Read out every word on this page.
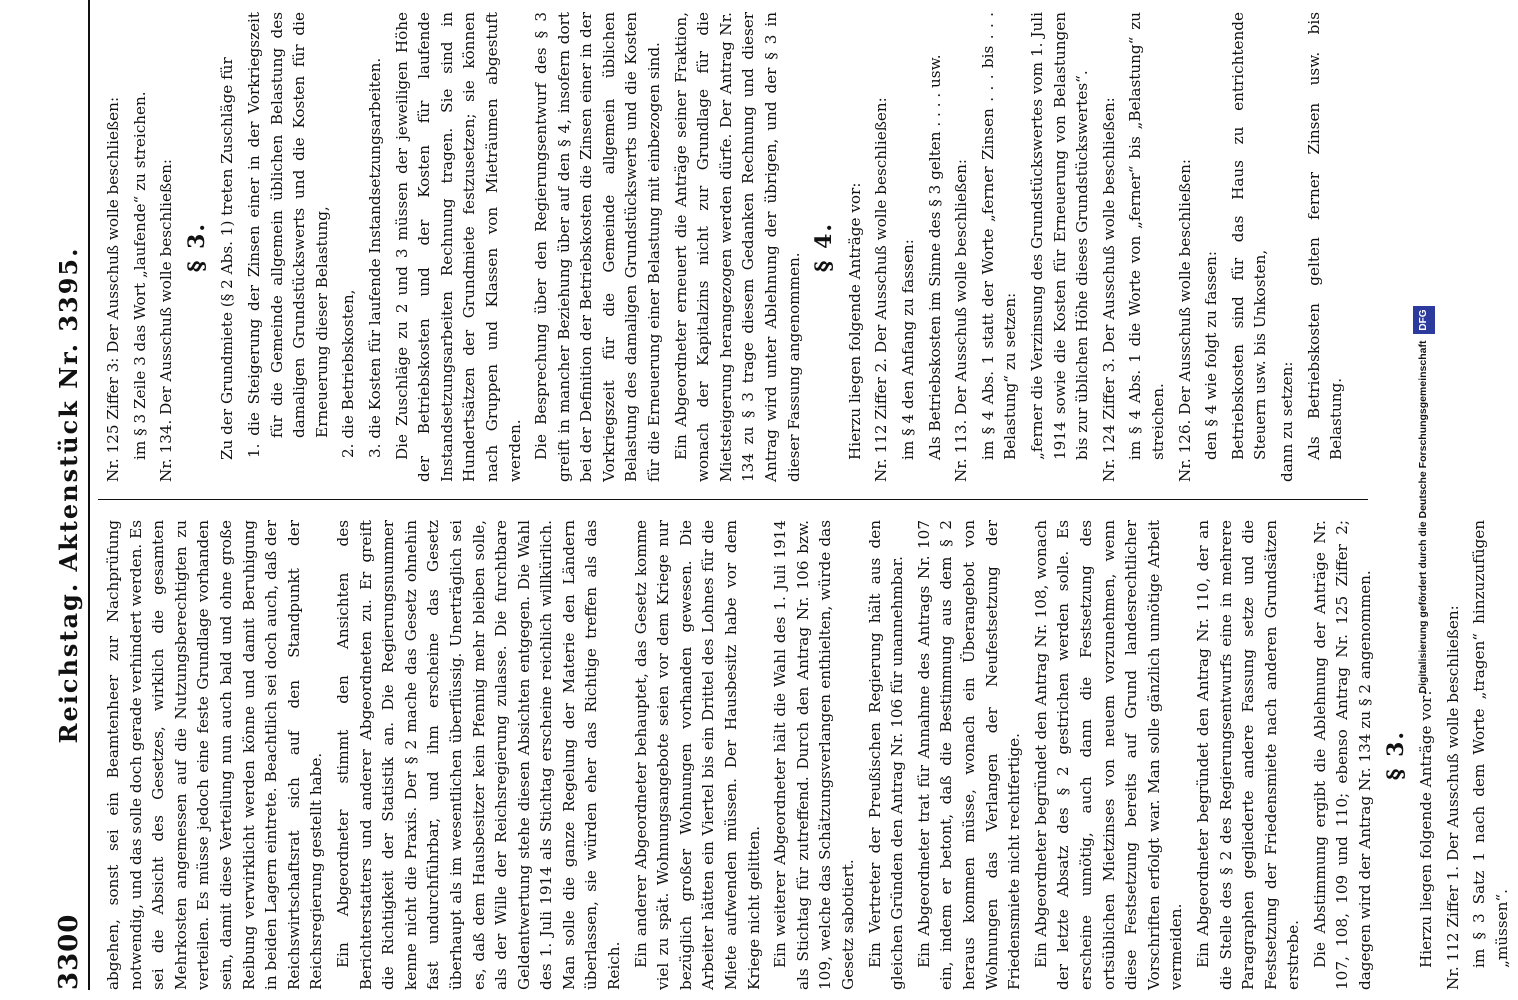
3300
Reichstag. Aktenstück Nr. 3395.

abgehen, sonst sei ein Beamtenheer zur Nachprüfung notwendig, und das solle doch gerade verhindert werden. Es sei die Absicht des Gesetzes, wirklich die gesamten Mehrkosten angemessen auf die Nutzungsberechtigten zu verteilen. Es müsse jedoch eine feste Grundlage vorhanden sein, damit diese Verteilung nun auch bald und ohne große Reibung verwirklicht werden könne und damit Beruhigung in beiden Lagern eintrete. Beachtlich sei doch auch, daß der Reichswirtschaftsrat sich auf den Standpunkt der Reichsregierung gestellt habe. Ein Abgeordneter stimmt den Ansichten des Berichterstatters und anderer Abgeordneten zu. Er greift die Richtigkeit der Statistik an. Die Regierungsnummer kenne nicht die Praxis. Der § 2 mache das Gesetz ohnehin fast undurchführbar, und ihm erscheine das Gesetz überhaupt als im wesentlichen überflüssig. Unerträglich sei es, daß dem Hausbesitzer kein Pfennig mehr bleiben solle, als der Wille der Reichsregierung zulasse. Die furchtbare Geldentwertung stehe diesen Absichten entgegen. Die Wahl des 1. Juli 1914 als Stichtag erscheine reichlich willkürlich. Man solle die ganze Regelung der Materie den Ländern überlassen, sie würden eher das Richtige treffen als das Reich. Ein anderer Abgeordneter behauptet, das Gesetz komme viel zu spät. Wohnungsangebote seien vor dem Kriege nur bezüglich großer Wohnungen vorhanden gewesen. Die Arbeiter hätten ein Viertel bis ein Drittel des Lohnes für die Miete aufwenden müssen. Der Hausbesitz habe vor dem Kriege nicht gelitten. Ein weiterer Abgeordneter hält die Wahl des 1. Juli 1914 als Stichtag für zutreffend. Durch den Antrag Nr. 106 bzw. 109, welche das Schätzungsverlangen enthielten, würde das Gesetz sabotiert. Ein Vertreter der Preußischen Regierung hält aus den gleichen Gründen den Antrag Nr. 106 für unannehmbar. Ein Abgeordneter trat für Annahme des Antrags Nr. 107 ein, indem er betont, daß die Bestimmung aus dem § 2 heraus kommen müsse, wonach ein Überangebot von Wohnungen das Verlangen der Neufestsetzung der Friedensmiete nicht rechtfertige. Ein Abgeordneter begründet den Antrag Nr. 108, wonach der letzte Absatz des § 2 gestrichen werden solle. Es erscheine unnötig, auch dann die Festsetzung des ortsüblichen Mietzinses von neuem vorzunehmen, wenn diese Festsetzung bereits auf Grund landesrechtlicher Vorschriften erfolgt war. Man solle gänzlich unnötige Arbeit vermeiden. Ein Abgeordneter begründet den Antrag Nr. 110, der an die Stelle des § 2 des Regierungsentwurfs eine in mehrere Paragraphen gegliederte andere Fassung setze und die Festsetzung der Friedensmiete nach anderen Grundsätzen erstrebe. Die Abstimmung ergibt die Ablehnung der Anträge Nr. 107, 108, 109 und 110; ebenso Antrag Nr. 125 Ziffer 2; dagegen wird der Antrag Nr. 134 zu § 2 angenommen. § 3. Hierzu liegen folgende Anträge vor: Nr. 112 Ziffer 1. Der Ausschuß wolle beschließen: im § 3 Satz 1 nach dem Worte „tragen“ hinzuzufügen „müssen“.

Nr. 125 Ziffer 3: Der Ausschuß wolle beschließen: im § 3 Zeile 3 das Wort „laufende“ zu streichen. Nr. 134. Der Ausschuß wolle beschließen: § 3. Zu der Grundmiete (§ 2 Abs. 1) treten Zuschläge für 1. die Steigerung der Zinsen einer in der Vorkriegszeit für die Gemeinde allgemein üblichen Belastung des damaligen Grundstückswerts und die Kosten für die Erneuerung dieser Belastung, 2. die Betriebskosten, 3. die Kosten für laufende Instandsetzungsarbeiten. Die Zuschläge zu 2 und 3 müssen der jeweiligen Höhe der Betriebskosten und der Kosten für laufende Instandsetzungsarbeiten Rechnung tragen. Sie sind in Hundertsätzen der Grundmiete festzusetzen; sie können nach Gruppen und Klassen von Mieträumen abgestuft werden. Die Besprechung über den Regierungsentwurf des § 3 greift in mancher Beziehung über auf den § 4, insofern dort bei der Definition der Betriebskosten die Zinsen einer in der Vorkriegszeit für die Gemeinde allgemein üblichen Belastung des damaligen Grundstückswerts und die Kosten für die Erneuerung einer Belastung mit einbezogen sind. Ein Abgeordneter erneuert die Anträge seiner Fraktion, wonach der Kapitalzins nicht zur Grundlage für die Mietsteigerung herangezogen werden dürfe. Der Antrag Nr. 134 zu § 3 trage diesem Gedanken Rechnung und dieser Antrag wird unter Ablehnung der übrigen, und der § 3 in dieser Fassung angenommen.

§ 4. Hierzu liegen folgende Anträge vor: Nr. 112 Ziffer 2. Der Ausschuß wolle beschließen: im § 4 den Anfang zu fassen: Als Betriebskosten im Sinne des § 3 gelten . . . . usw. Nr. 113. Der Ausschuß wolle beschließen: im § 4 Abs. 1 statt der Worte „ferner Zinsen . . . bis . . . Belastung“ zu setzen: „ferner die Verzinsung des Grundstückswertes vom 1. Juli 1914 sowie die Kosten für Erneuerung von Belastungen bis zur üblichen Höhe dieses Grundstückswertes“. Nr. 124 Ziffer 3. Der Ausschuß wolle beschließen: im § 4 Abs. 1 die Worte von „ferner“ bis „Belastung“ zu streichen. Nr. 126. Der Ausschuß wolle beschließen: den § 4 wie folgt zu fassen: Betriebskosten sind für das Haus zu entrichtende Steuern usw. bis Unkosten, dann zu setzen: Als Betriebskosten gelten ferner Zinsen usw. bis Belastung.	Digitalisierung gefördert durch die Deutsche Forschungsgemeinschaft DFG
